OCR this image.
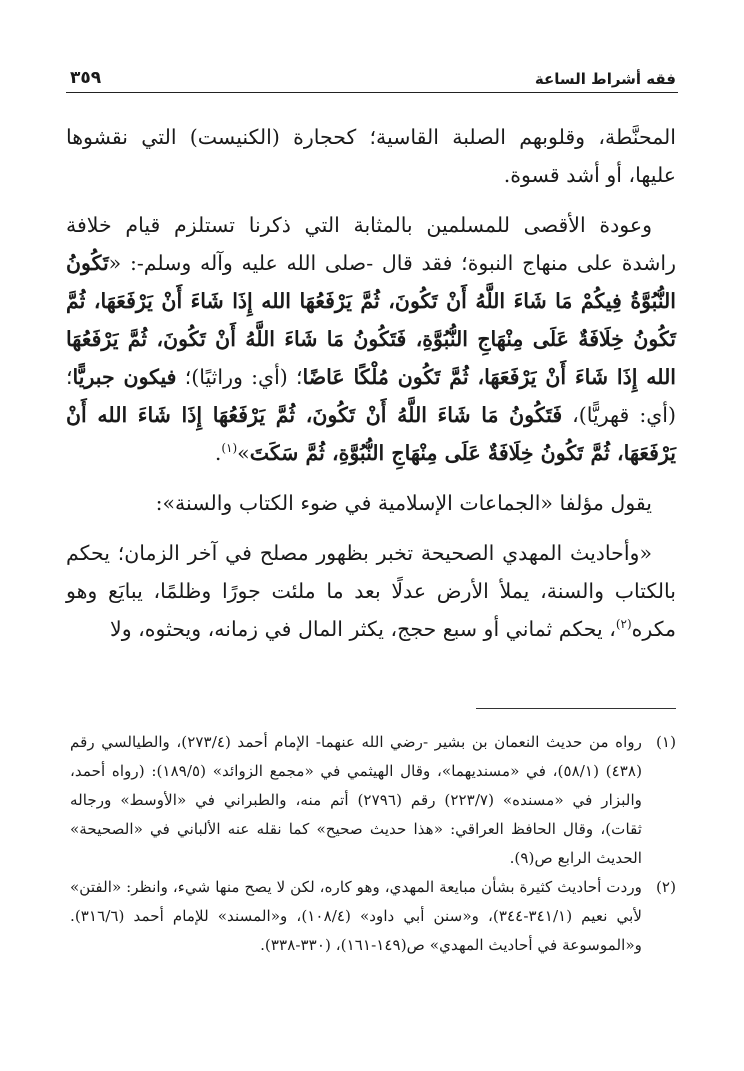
فقه أشراط الساعة
٣٥٩

المحنَّطة، وقلوبهم الصلبة القاسية؛ كحجارة (الكنيست) التي نقشوها عليها، أو أشد قسوة.

وعودة الأقصى للمسلمين بالمثابة التي ذكرنا تستلزم قيام خلافة راشدة على منهاج النبوة؛ فقد قال -صلى الله عليه وآله وسلم-: «تَكُونُ النُّبُوَّةُ فِيكُمْ مَا شَاءَ اللَّهُ أَنْ تَكُونَ، ثُمَّ يَرْفَعُهَا الله إِذَا شَاءَ أَنْ يَرْفَعَهَا، ثُمَّ تَكُونُ خِلَافَةٌ عَلَى مِنْهَاجِ النُّبُوَّةِ، فَتَكُونُ مَا شَاءَ اللَّهُ أَنْ تَكُونَ، ثُمَّ يَرْفَعُهَا الله إِذَا شَاءَ أَنْ يَرْفَعَهَا، ثُمَّ تَكُون مُلْكًا عَاضًا؛ (أي: وراثيًا)؛ فيكون جبريًّا؛ (أي: قهريًّا)، فَتَكُونُ مَا شَاءَ اللَّهُ أَنْ تَكُونَ، ثُمَّ يَرْفَعُهَا إِذَا شَاءَ الله أَنْ يَرْفَعَهَا، ثُمَّ تَكُونُ خِلَافَةٌ عَلَى مِنْهَاجِ النُّبُوَّةِ، ثُمَّ سَكَتَ»$^{(١)}$.

يقول مؤلفا «الجماعات الإسلامية في ضوء الكتاب والسنة»:

«وأحاديث المهدي الصحيحة تخبر بظهور مصلح في آخر الزمان؛ يحكم بالكتاب والسنة، يملأ الأرض عدلًا بعد ما ملئت جورًا وظلمًا، يبايَع وهو مكره$^{(٢)}$، يحكم ثماني أو سبع حجج، يكثر المال في زمانه، ويحثوه، ولا

(١)
رواه من حديث النعمان بن بشير -رضي الله عنهما- الإمام أحمد (٢٧٣/٤)، والطيالسي رقم (٤٣٨) (٥٨/١)، في «مسنديهما»، وقال الهيثمي في «مجمع الزوائد» (١٨٩/٥): (رواه أحمد، والبزار في «مسنده» (٢٢٣/٧) رقم (٢٧٩٦) أتم منه، والطبراني في «الأوسط» ورجاله ثقات)، وقال الحافظ العراقي: «هذا حديث صحيح» كما نقله عنه الألباني في «الصحيحة» الحديث الرابع ص(٩).
(٢)
وردت أحاديث كثيرة بشأن مبايعة المهدي، وهو كاره، لكن لا يصح منها شيء، وانظر: «الفتن» لأبي نعيم (٣٤١/١-٣٤٤)، و«سنن أبي داود» (١٠٨/٤)، و«المسند» للإمام أحمد (٣١٦/٦). و«الموسوعة في أحاديث المهدي» ص(١٤٩-١٦١)، (٣٣٠-٣٣٨).
